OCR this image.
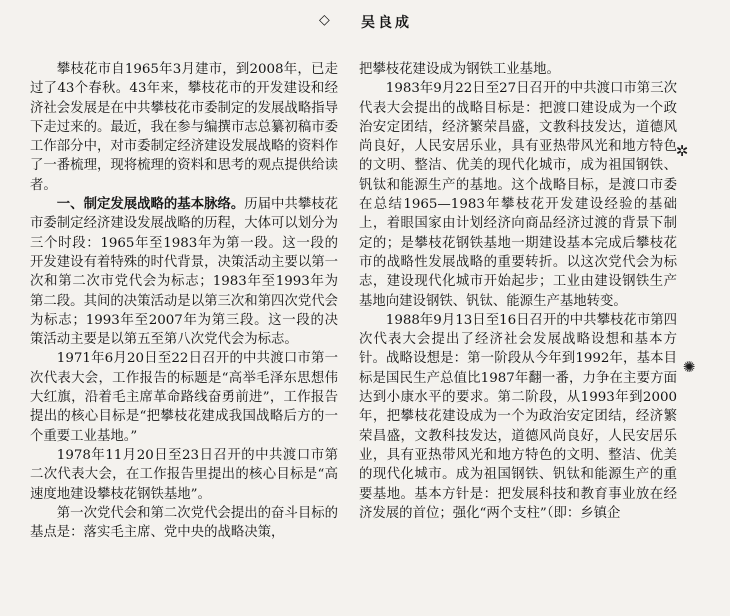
◇ 吴良成

攀枝花市自1965年3月建市，到2008年，已走过了43个春秋。43年来，攀枝花市的开发建设和经济社会发展是在中共攀枝花市委制定的发展战略指导下走过来的。最近，我在参与编撰市志总纂初稿市委工作部分中，对市委制定经济建设发展战略的资料作了一番梳理，现将梳理的资料和思考的观点提供给读者。

一、制定发展战略的基本脉络。历届中共攀枝花市委制定经济建设发展战略的历程，大体可以划分为三个时段：1965年至1983年为第一段。这一段的开发建设有着特殊的时代背景，决策活动主要以第一次和第二次市党代会为标志；1983年至1993年为第二段。其间的决策活动是以第三次和第四次党代会为标志；1993年至2007年为第三段。这一段的决策活动主要是以第五至第八次党代会为标志。

1971年6月20日至22日召开的中共渡口市第一次代表大会，工作报告的标题是“高举毛泽东思想伟大红旗，沿着毛主席革命路线奋勇前进”，工作报告提出的核心目标是“把攀枝花建成我国战略后方的一个重要工业基地。”

1978年11月20日至23日召开的中共渡口市第二次代表大会，在工作报告里提出的核心目标是“高速度地建设攀枝花钢铁基地”。

第一次党代会和第二次党代会提出的奋斗目标的基点是：落实毛主席、党中央的战略决策，

把攀枝花建设成为钢铁工业基地。

1983年9月22日至27日召开的中共渡口市第三次代表大会提出的战略目标是：把渡口建设成为一个政治安定团结，经济繁荣昌盛，文教科技发达，道德风尚良好，人民安居乐业，具有亚热带风光和地方特色的文明、整洁、优美的现代化城市，成为祖国钢铁、钒钛和能源生产的基地。这个战略目标，是渡口市委在总结1965—1983年攀枝花开发建设经验的基础上，着眼国家由计划经济向商品经济过渡的背景下制定的；是攀枝花钢铁基地一期建设基本完成后攀枝花市的战略性发展战略的重要转折。以这次党代会为标志，建设现代化城市开始起步；工业由建设钢铁生产基地向建设钢铁、钒钛、能源生产基地转变。

1988年9月13日至16日召开的中共攀枝花市第四次代表大会提出了经济社会发展战略设想和基本方针。战略设想是：第一阶段从今年到1992年，基本目标是国民生产总值比1987年翻一番，力争在主要方面达到小康水平的要求。第二阶段，从1993年到2000年，把攀枝花建设成为一个为政治安定团结，经济繁荣昌盛，文教科技发达，道德风尚良好，人民安居乐业，具有亚热带风光和地方特色的文明、整洁、优美的现代化城市。成为祖国钢铁、钒钛和能源生产的重要基地。基本方针是：把发展科技和教育事业放在经济发展的首位；强化“两个支柱”（即：乡镇企

✲
✺
